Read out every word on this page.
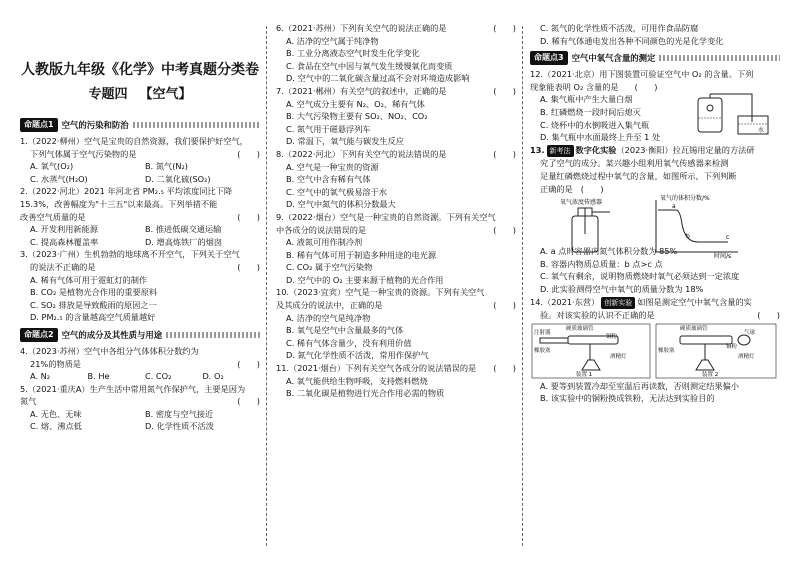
人教版九年级《化学》中考真题分类卷
专题四 【空气】
命题点1 空气的污染和防治
1.（2022·柳州）空气是宝贵的自然资源，我们要保护好空气，
下列气体属于空气污染物的是	(　　)
A. 氧气(O₂)	B. 氮气(N₂)
C. 水蒸气(H₂O)	D. 二氧化硫(SO₂)
2.（2022·河北）2021 年河北省 PM₂.₅ 平均浓度同比下降
15.3%，改善幅度为"十三五"以来最高。下列举措不能
改善空气质量的是	(　　)
A. 开发利用新能源	B. 推进低碳交通运输
C. 提高森林覆盖率	D. 增高炼铁厂的烟囱
3.（2023·广州）生机勃勃的地球离不开空气，下列关于空气
的说法不正确的是	(　　)
A. 稀有气体可用于霓虹灯的制作
B. CO₂ 是植物光合作用的重要原料
C. SO₂ 排放是导致酸雨的原因之一
D. PM₂.₅ 的含量越高空气质量越好
命题点2 空气的成分及其性质与用途
4.（2023·苏州）空气中各组分气体体积分数约为
21%的物质是	(　　)
A. N₂	B. He	C. CO₂	D. O₂
5.（2021·重庆A）生产生活中常用氮气作保护气，主要是因为
氮气	(　　)
A. 无色、无味	B. 密度与空气接近
C. 熔、沸点低	D. 化学性质不活泼
6.（2021·苏州）下列有关空气的说法正确的是	(　　)
A. 洁净的空气属于纯净物
B. 工业分离液态空气时发生化学变化
C. 食品在空气中因与氧气发生缓慢氧化而变质
D. 空气中的二氧化碳含量过高不会对环境造成影响
7.（2021·郴州）有关空气的叙述中，正确的是	(　　)
A. 空气成分主要有 N₂、O₂、稀有气体
B. 大气污染物主要有 SO₂、NO₂、CO₂
C. 氮气用于磁悬浮列车
D. 常温下，氧气能与碳发生反应
8.（2022·河北）下列有关空气的说法错误的是	(　　)
A. 空气是一种宝贵的资源
B. 空气中含有稀有气体
C. 空气中的氧气极易溶于水
D. 空气中氮气的体积分数最大
9.（2022·烟台）空气是一种宝贵的自然资源。下列有关空气
中各成分的说法错误的是	(　　)
A. 液氮可用作制冷剂
B. 稀有气体可用于制造多种用途的电光源
C. CO₂ 属于空气污染物
D. 空气中的 O₂ 主要来源于植物的光合作用
10.（2023·宜宾）空气是一种宝贵的资源。下列有关空气
及其成分的说法中，正确的是	(　　)
A. 洁净的空气是纯净物
B. 氧气是空气中含量最多的气体
C. 稀有气体含量少，没有利用价值
D. 氮气化学性质不活泼，常用作保护气
11.（2021·烟台）下列有关空气各成分的说法错误的是 (　　)
A. 氧气能供给生物呼吸，支持燃料燃烧
B. 二氧化碳是植物进行光合作用必需的物质
C. 氮气的化学性质不活泼，可用作食品防腐
D. 稀有气体通电发出各种不同颜色的光是化学变化
命题点3 空气中氧气含量的测定
12.（2021·北京）用下图装置可验证空气中 O₂ 的含量。下列
现象能表明 O₂ 含量的是 (　　)
A. 集气瓶中产生大量白烟
B. 红磷燃烧一段时间后熄灭
C. 烧杯中的水倒吸进入集气瓶
D. 集气瓶中水面最终上升至 1 处
水
13. 新考法 数字化实验（2023·衡阳）拉瓦锡用定量的方法研
究了空气的成分。某兴趣小组利用氧气传感器来检测
足量红磷燃烧过程中氧气的含量，如图所示，下列判断
正确的是 (　　)
氧气浓度传感器
氧气的体积分数/%
时间/s
a
b	c
A. a 点时容器内氮气体积分数为 85%
B. 容器内物质总质量：b 点>c 点
C. 氧气有剩余，说明物质燃烧时氧气必须达到一定浓度
D. 此实验测得空气中氧气的质量分数为 18%
14.（2021·东营） 创新实验 如图是测定空气中氧气含量的实
验。对该实验的认识不正确的是	(　　)
注射器
硬质玻璃管
铜粉
橡胶塞
酒精灯
装置 1
硬质玻璃管
气球
铜粉
橡胶塞
酒精灯
装置 2
A. 要等到装置冷却至室温后再读数，否则测定结果偏小
B. 该实验中的铜粉换成铁粉，无法达到实验目的
